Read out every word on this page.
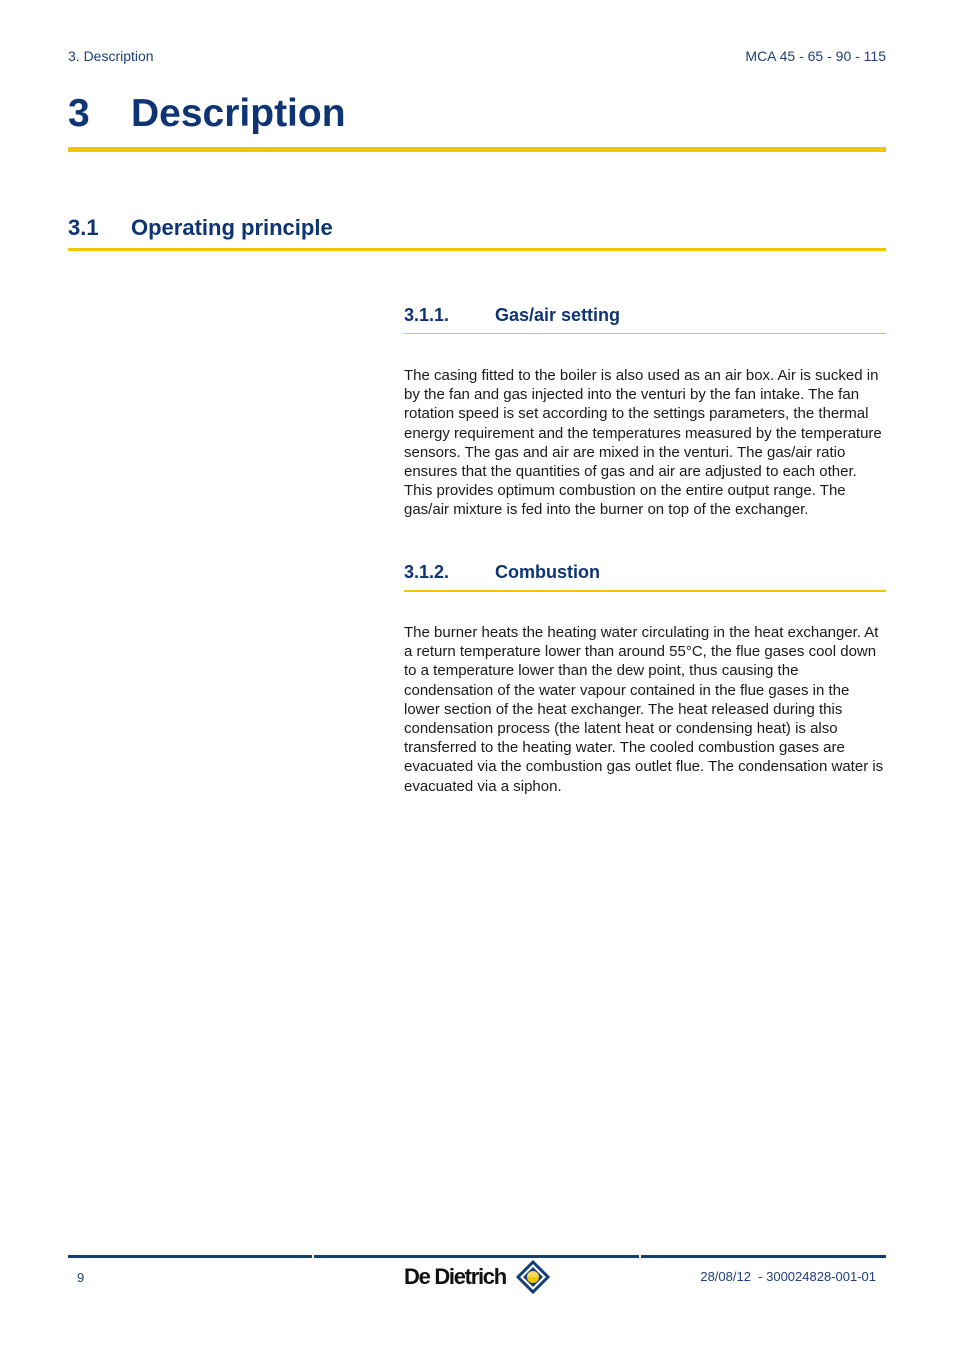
3. Description	MCA 45 - 65 - 90 - 115
3 Description
3.1 Operating principle
3.1.1.	Gas/air setting
The casing fitted to the boiler is also used as an air box. Air is sucked in by the fan and gas injected into the venturi by the fan intake. The fan rotation speed is set according to the settings parameters, the thermal energy requirement and the temperatures measured by the temperature sensors. The gas and air are mixed in the venturi. The gas/air ratio ensures that the quantities of gas and air are adjusted to each other. This provides optimum combustion on the entire output range. The gas/air mixture is fed into the burner on top of the exchanger.
3.1.2.	Combustion
The burner heats the heating water circulating in the heat exchanger. At a return temperature lower than around 55°C, the flue gases cool down to a temperature lower than the dew point, thus causing the condensation of the water vapour contained in the flue gases in the lower section of the heat exchanger. The heat released during this condensation process (the latent heat or condensing heat) is also transferred to the heating water. The cooled combustion gases are evacuated via the combustion gas outlet flue. The condensation water is evacuated via a siphon.
9	De Dietrich	28/08/12  - 300024828-001-01
